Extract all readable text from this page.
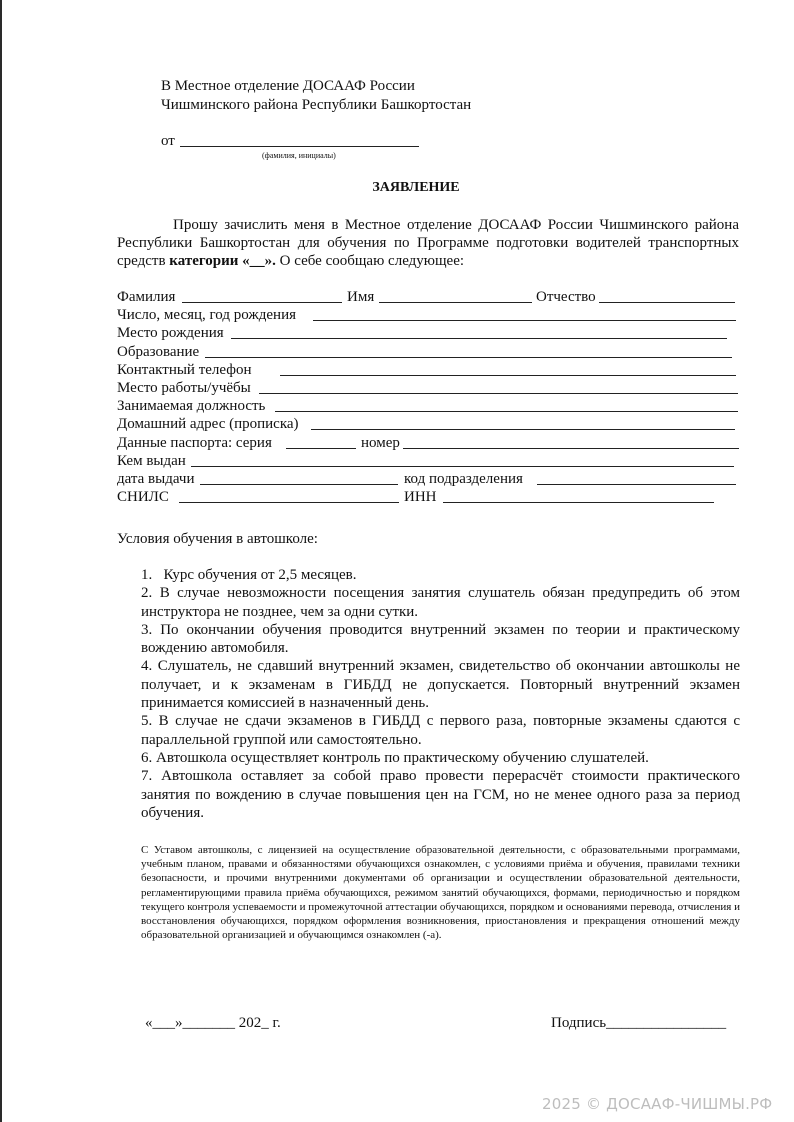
В Местное отделение ДОСААФ России
Чишминского района Республики Башкортостан
от
(фамилия, инициалы)
ЗАЯВЛЕНИЕ
Прошу зачислить меня в Местное отделение ДОСААФ России Чишминского района Республики Башкортостан для обучения по Программе подготовки водителей транспортных средств категории «__». О себе сообщаю следующее:
Фамилия	Имя	Отчество
Число, месяц, год рождения
Место рождения
Образование
Контактный телефон
Место работы/учёбы
Занимаемая должность
Домашний адрес (прописка)
Данные паспорта: серия	номер
Кем выдан
дата выдачи	код подразделения
СНИЛС	ИНН
Условия обучения в автошколе:
1.   Курс обучения от 2,5 месяцев.
2. В случае невозможности посещения занятия слушатель обязан предупредить об этом инструктора не позднее, чем за одни сутки.
3. По окончании обучения проводится внутренний экзамен по теории и практическому вождению автомобиля.
4. Слушатель, не сдавший внутренний экзамен, свидетельство об окончании автошколы не получает, и к экзаменам в ГИБДД не допускается. Повторный внутренний экзамен принимается комиссией в назначенный день.
5. В случае не сдачи экзаменов в ГИБДД с первого раза, повторные экзамены сдаются с параллельной группой или самостоятельно.
6. Автошкола осуществляет контроль по практическому обучению слушателей.
7. Автошкола оставляет за собой право провести перерасчёт стоимости практического занятия по вождению в случае повышения цен на ГСМ, но не менее одного раза за период обучения.
С Уставом автошколы, с лицензией на осуществление образовательной деятельности, с образовательными программами, учебным планом, правами и обязанностями обучающихся ознакомлен, с условиями приёма и обучения, правилами техники безопасности, и прочими внутренними документами об организации и осуществлении образовательной деятельности, регламентирующими правила приёма обучающихся, режимом занятий обучающихся, формами, периодичностью и порядком текущего контроля успеваемости и промежуточной аттестации обучающихся, порядком и основаниями перевода, отчисления и восстановления обучающихся, порядком оформления возникновения, приостановления и прекращения отношений между образовательной организацией и обучающимся ознакомлен (-а).
«___»_______ 202_ г.	Подпись________________
2025 © ДОСААФ-ЧИШМЫ.РФ
